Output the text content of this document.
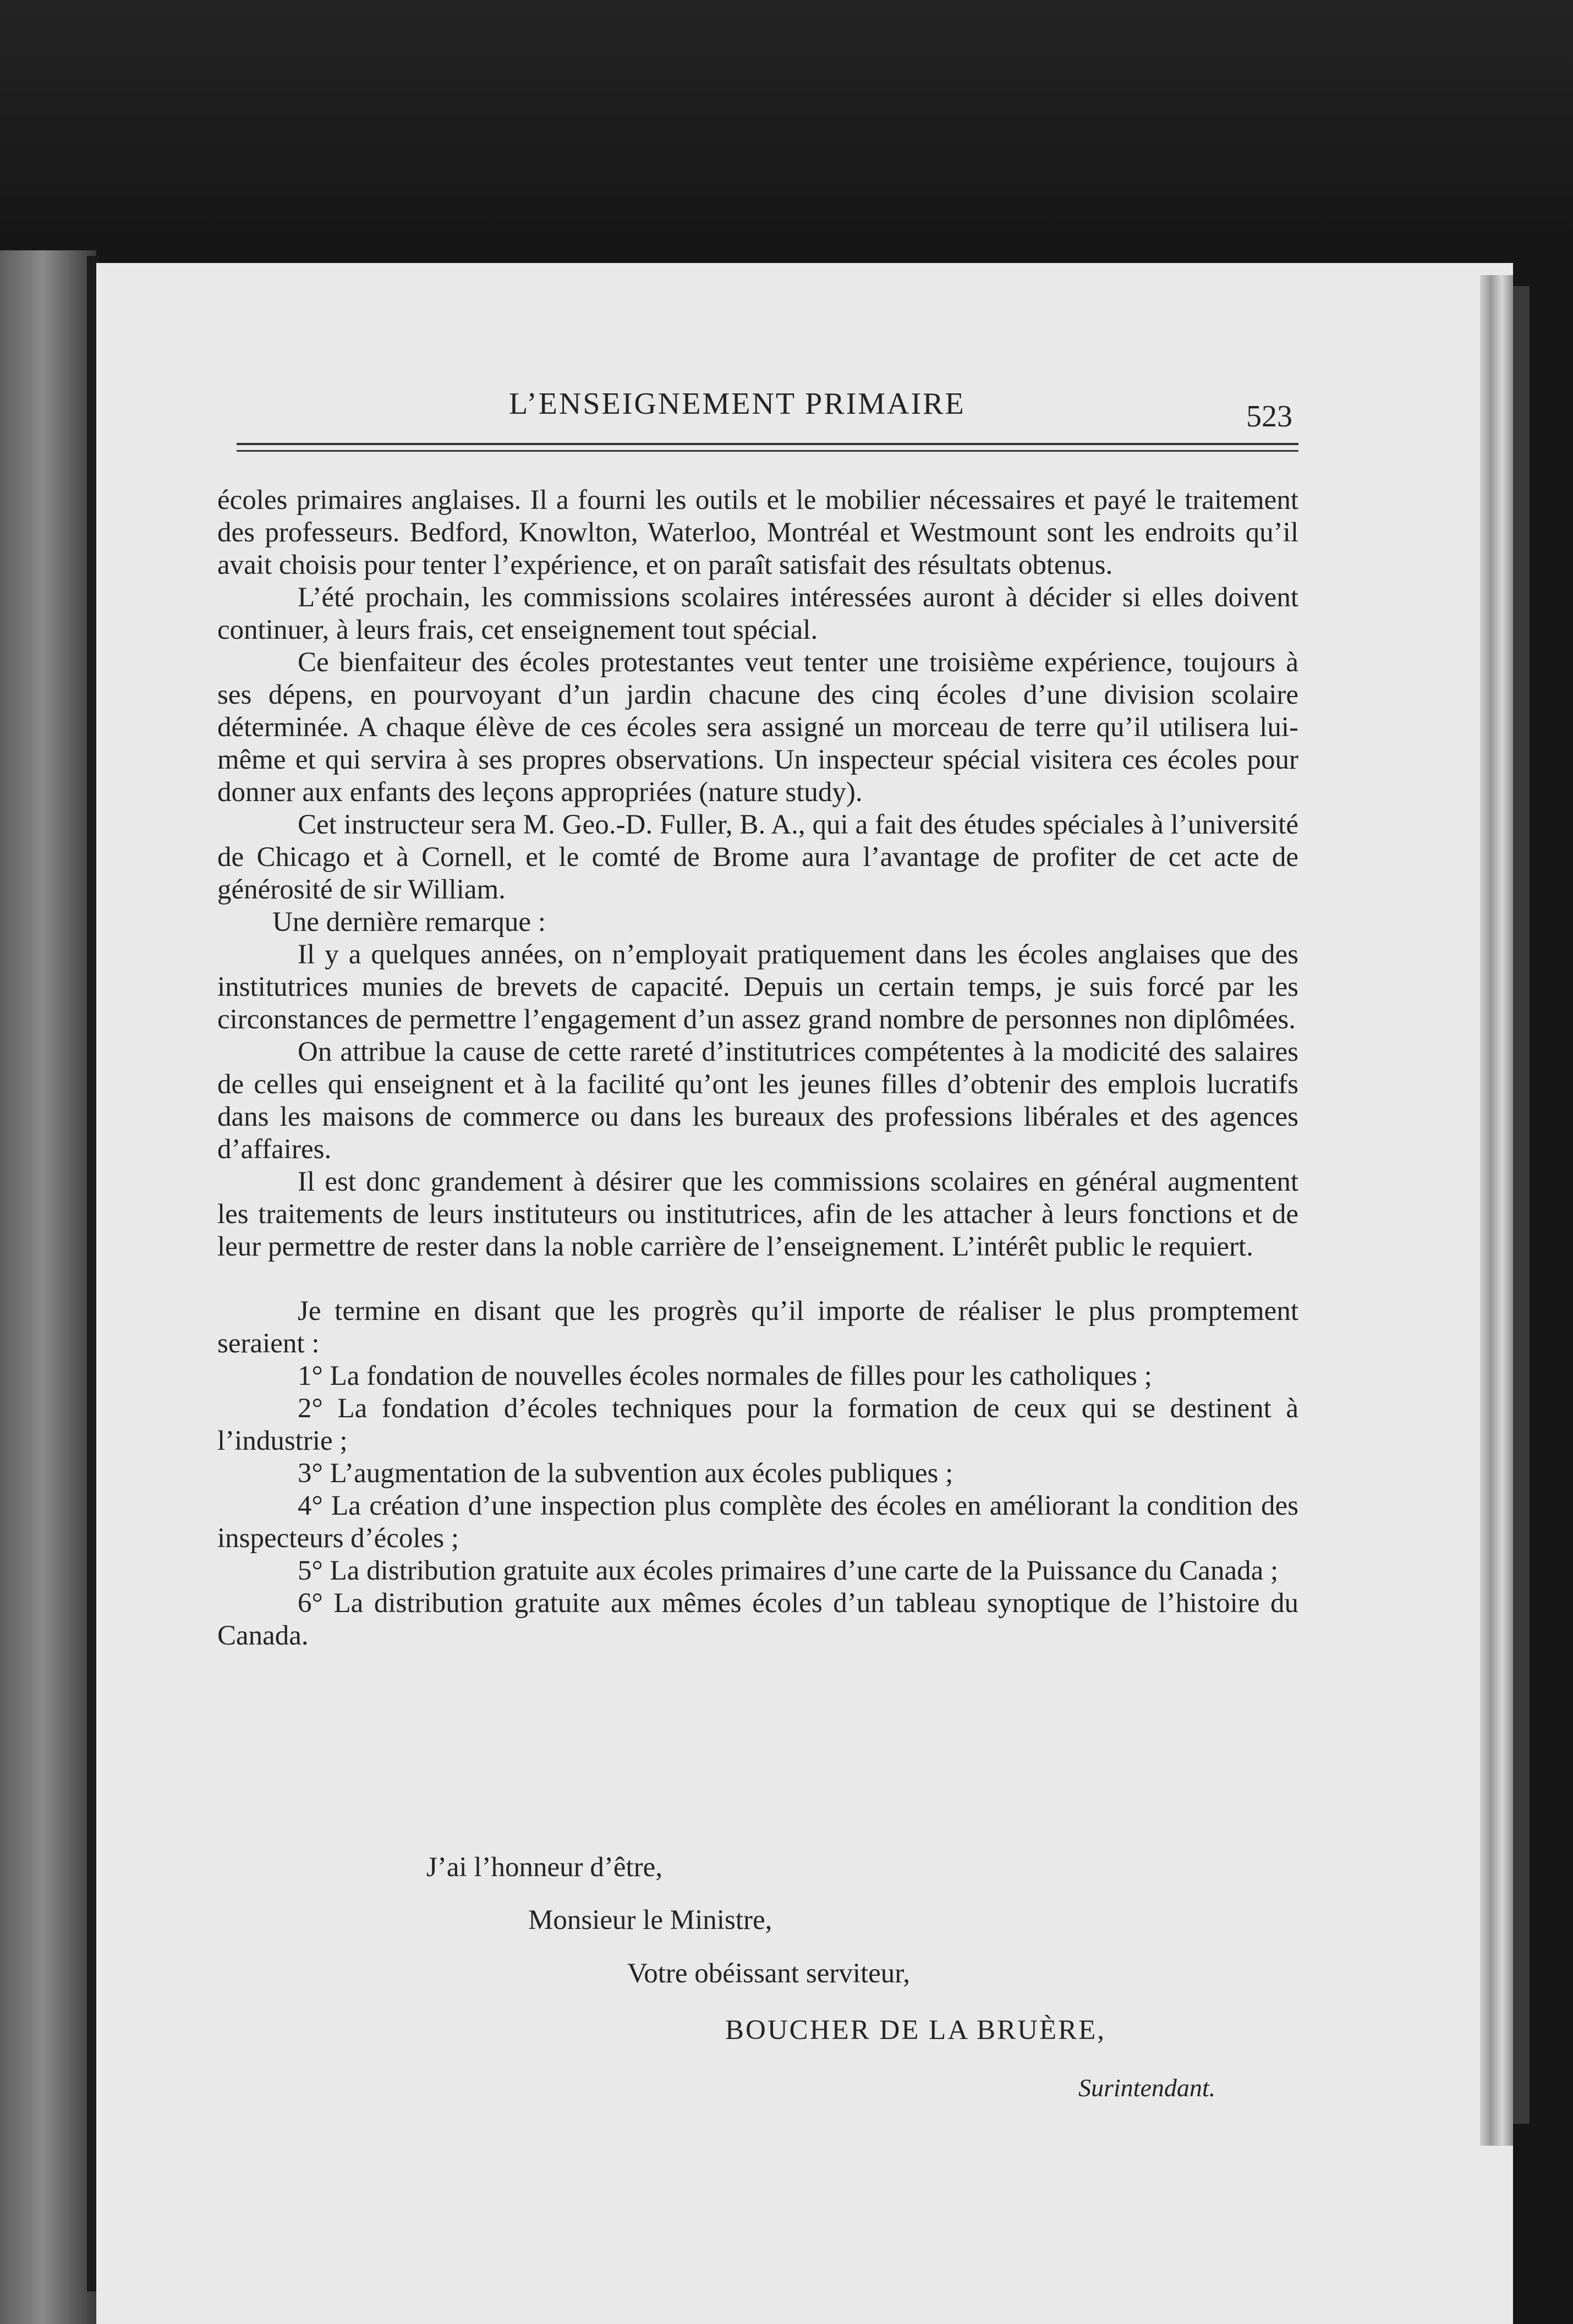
L’ENSEIGNEMENT PRIMAIRE	523

écoles primaires anglaises. Il a fourni les outils et le mobilier nécessaires et payé le traitement des professeurs. Bedford, Knowlton, Waterloo, Montréal et Westmount sont les endroits qu’il avait choisis pour tenter l’expérience, et on paraît satisfait des résultats obtenus.

L’été prochain, les commissions scolaires intéressées auront à décider si elles doivent continuer, à leurs frais, cet enseignement tout spécial.

Ce bienfaiteur des écoles protestantes veut tenter une troisième expérience, toujours à ses dépens, en pourvoyant d’un jardin chacune des cinq écoles d’une division scolaire déterminée. A chaque élève de ces écoles sera assigné un morceau de terre qu’il utilisera lui-même et qui servira à ses propres observations. Un inspecteur spécial visitera ces écoles pour donner aux enfants des leçons appropriées (nature study).

Cet instructeur sera M. Geo.-D. Fuller, B. A., qui a fait des études spéciales à l’université de Chicago et à Cornell, et le comté de Brome aura l’avantage de profiter de cet acte de générosité de sir William.

Une dernière remarque :

Il y a quelques années, on n’employait pratiquement dans les écoles anglaises que des institutrices munies de brevets de capacité. Depuis un certain temps, je suis forcé par les circonstances de permettre l’engagement d’un assez grand nombre de personnes non diplômées.

On attribue la cause de cette rareté d’institutrices compétentes à la modicité des salaires de celles qui enseignent et à la facilité qu’ont les jeunes filles d’obtenir des emplois lucratifs dans les maisons de commerce ou dans les bureaux des professions libérales et des agences d’affaires.

Il est donc grandement à désirer que les commissions scolaires en général augmentent les traitements de leurs instituteurs ou institutrices, afin de les attacher à leurs fonctions et de leur permettre de rester dans la noble carrière de l’enseignement. L’intérêt public le requiert.

Je termine en disant que les progrès qu’il importe de réaliser le plus promptement seraient :

1° La fondation de nouvelles écoles normales de filles pour les catholiques ;

2° La fondation d’écoles techniques pour la formation de ceux qui se destinent à l’industrie ;

3° L’augmentation de la subvention aux écoles publiques ;

4° La création d’une inspection plus complète des écoles en améliorant la condition des inspecteurs d’écoles ;

5° La distribution gratuite aux écoles primaires d’une carte de la Puissance du Canada ;

6° La distribution gratuite aux mêmes écoles d’un tableau synoptique de l’histoire du Canada.

J’ai l’honneur d’être,
Monsieur le Ministre,
Votre obéissant serviteur,
BOUCHER DE LA BRUÈRE,
Surintendant.
